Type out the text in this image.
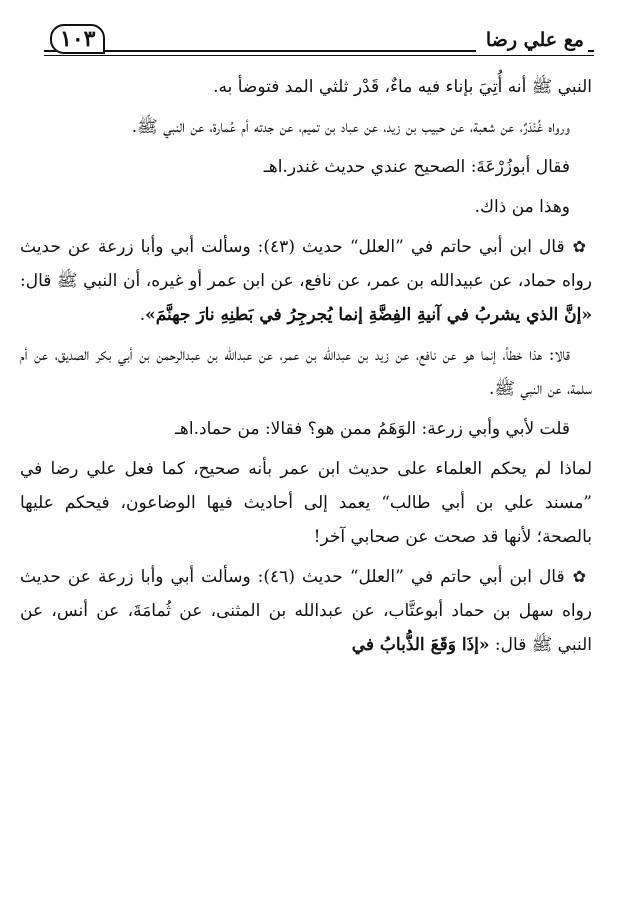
مع علي رضا
١٠٣

النبي ﷺ أنه أُتِيَ بإناء فيه ماءٌ، قَدْر ثلثي المد فتوضأ به.

ورواه غُنْدَرٌ، عن شعبة، عن حبيب بن زيد، عن عباد بن تميم، عن جدته أم عُمارة، عن النبي ﷺ.

فقال أبوزُرْعَةَ: الصحيح عندي حديث غندر.اهـ

وهذا من ذاك.

✿قال ابن أبي حاتم في ”العلل“ حديث (٤٣): وسألت أبي وأبا زرعة عن حديث رواه حماد، عن عبيدالله بن عمر، عن نافع، عن ابن عمر أو غيره، أن النبي ﷺ قال: «إنَّ الذي يشربُ في آنيةِ الفِضَّةِ إنما يُجرجِرُ في بَطنِهِ نارَ جهنَّمَ».

قالا: هذا خطأ، إنما هو عن نافع، عن زيد بن عبدالله بن عمر، عن عبدالله بن عبدالرحمن بن أبي بكر الصديق، عن أم سلمة، عن النبي ﷺ.

قلت لأبي وأبي زرعة: الوَهَمُ ممن هو؟ فقالا: من حماد.اهـ

لماذا لم يحكم العلماء على حديث ابن عمر بأنه صحيح، كما فعل علي رضا في ”مسند علي بن أبي طالب“ يعمد إلى أحاديث فيها الوضاعون، فيحكم عليها بالصحة؛ لأنها قد صحت عن صحابي آخر!

✿قال ابن أبي حاتم في ”العلل“ حديث (٤٦): وسألت أبي وأبا زرعة عن حديث رواه سهل بن حماد أبوعتَّاب، عن عبدالله بن المثنى، عن ثُمامَةَ، عن أنس، عن النبي ﷺ قال: «إذَا وَقَعَ الذُّبابُ في
